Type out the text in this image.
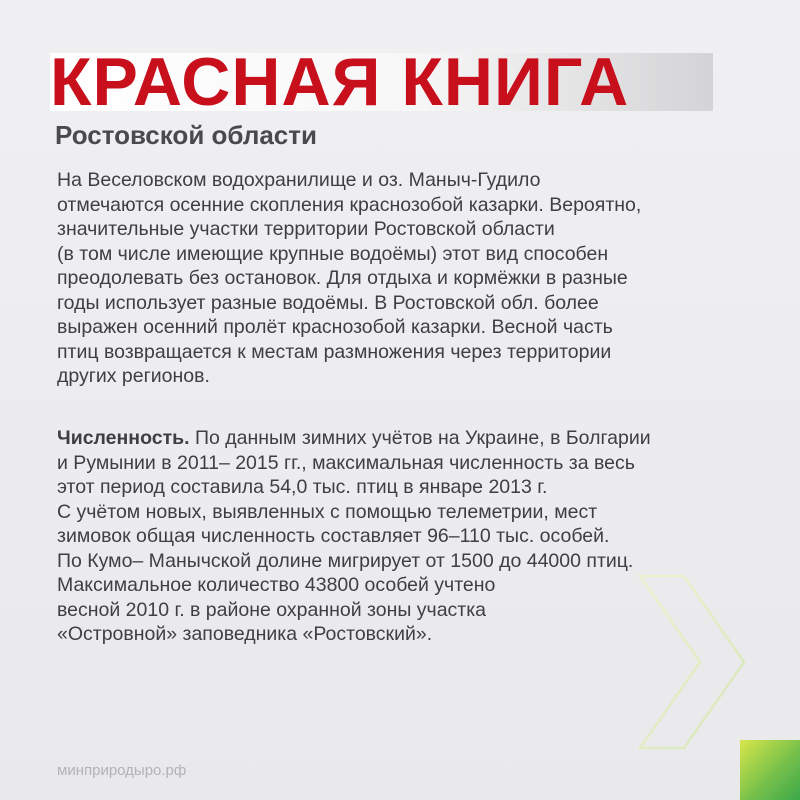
КРАСНАЯ КНИГА
Ростовской области

На Веселовском водохранилище и оз. Маныч-Гудило
отмечаются осенние скопления краснозобой казарки. Вероятно,
значительные участки территории Ростовской области
(в том числе имеющие крупные водоёмы) этот вид способен
преодолевать без остановок. Для отдыха и кормёжки в разные
годы использует разные водоёмы. В Ростовской обл. более
выражен осенний пролёт краснозобой казарки. Весной часть
птиц возвращается к местам размножения через территории
других регионов.

Численность. По данным зимних учётов на Украине, в Болгарии
и Румынии в 2011– 2015 гг., максимальная численность за весь
этот период составила 54,0 тыс. птиц в январе 2013 г.
С учётом новых, выявленных с помощью телеметрии, мест
зимовок общая численность составляет 96–110 тыс. особей.
По Кумо– Манычской долине мигрирует от 1500 до 44000 птиц.
Максимальное количество 43800 особей учтено
весной 2010 г. в районе охранной зоны участка
«Островной» заповедника «Ростовский».

минприродыро.рф
